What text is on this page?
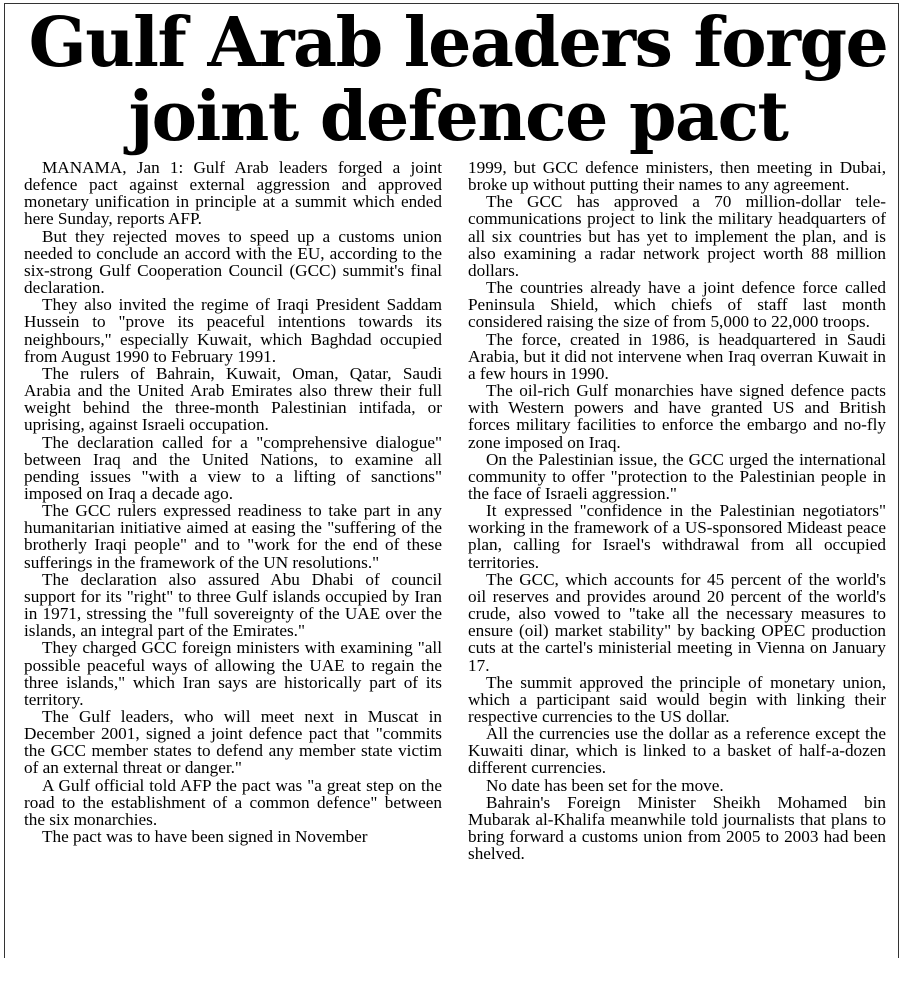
Gulf Arab leaders forge
joint defence pact

MANAMA, Jan 1: Gulf Arab leaders forged a joint defence pact against external aggression and approved monetary unification in principle at a summit which ended here Sunday, reports AFP.

But they rejected moves to speed up a customs union needed to conclude an accord with the EU, according to the six-strong Gulf Cooperation Council (GCC) summit's final declaration.

They also invited the regime of Iraqi President Saddam Hussein to "prove its peaceful intentions towards its neighbours," especially Kuwait, which Baghdad occupied from August 1990 to February 1991.

The rulers of Bahrain, Kuwait, Oman, Qatar, Saudi Arabia and the United Arab Emirates also threw their full weight behind the three-month Palestinian intifada, or uprising, against Israeli occupation.

The declaration called for a "comprehensive dialogue" between Iraq and the United Nations, to examine all pending issues "with a view to a lifting of sanctions" imposed on Iraq a decade ago.

The GCC rulers expressed readiness to take part in any humanitarian initiative aimed at easing the "suffering of the brotherly Iraqi people" and to "work for the end of these sufferings in the framework of the UN resolutions."

The declaration also assured Abu Dhabi of council support for its "right" to three Gulf islands occupied by Iran in 1971, stressing the "full sovereignty of the UAE over the islands, an integral part of the Emirates."

They charged GCC foreign ministers with examining "all possible peaceful ways of allowing the UAE to regain the three islands," which Iran says are historically part of its territory.

The Gulf leaders, who will meet next in Muscat in December 2001, signed a joint defence pact that "commits the GCC member states to defend any member state victim of an external threat or danger."

A Gulf official told AFP the pact was "a great step on the road to the establishment of a common defence" between the six monarchies.

The pact was to have been signed in November

1999, but GCC defence ministers, then meeting in Dubai, broke up without putting their names to any agreement.

The GCC has approved a 70 million-dollar telecommunications project to link the military headquarters of all six countries but has yet to implement the plan, and is also examining a radar network project worth 88 million dollars.

The countries already have a joint defence force called Peninsula Shield, which chiefs of staff last month considered raising the size of from 5,000 to 22,000 troops.

The force, created in 1986, is headquartered in Saudi Arabia, but it did not intervene when Iraq overran Kuwait in a few hours in 1990.

The oil-rich Gulf monarchies have signed defence pacts with Western powers and have granted US and British forces military facilities to enforce the embargo and no-fly zone imposed on Iraq.

On the Palestinian issue, the GCC urged the international community to offer "protection to the Palestinian people in the face of Israeli aggression."

It expressed "confidence in the Palestinian negotiators" working in the framework of a US-sponsored Mideast peace plan, calling for Israel's withdrawal from all occupied territories.

The GCC, which accounts for 45 percent of the world's oil reserves and provides around 20 percent of the world's crude, also vowed to "take all the necessary measures to ensure (oil) market stability" by backing OPEC production cuts at the cartel's ministerial meeting in Vienna on January 17.

The summit approved the principle of monetary union, which a participant said would begin with linking their respective currencies to the US dollar.

All the currencies use the dollar as a reference except the Kuwaiti dinar, which is linked to a basket of half-a-dozen different currencies.

No date has been set for the move.

Bahrain's Foreign Minister Sheikh Mohamed bin Mubarak al-Khalifa meanwhile told journalists that plans to bring forward a customs union from 2005 to 2003 had been shelved.
